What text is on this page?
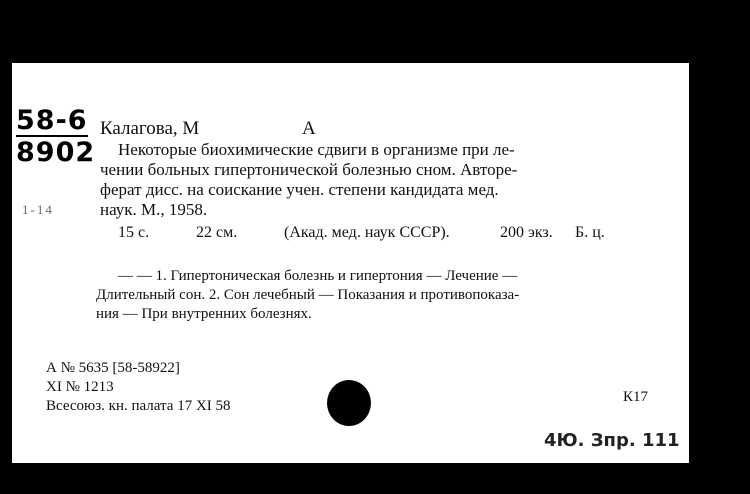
58-6
8902
1-14
Калагова, М	А
Некоторые биохимические сдвиги в организме при ле-
чении больных гипертонической болезнью сном. Авторе-
ферат дисс. на соискание учен. степени кандидата мед.
наук. М., 1958.
15 с.	22 см.	(Акад. мед. наук СССР).	200 экз. Б. ц.
— — 1. Гипертоническая болезнь и гипертония — Лечение —
Длительный сон. 2. Сон лечебный — Показания и противопоказа-
ния — При внутренних болезнях.
А № 5635 [58-58922]
XI № 1213
Всесоюз. кн. палата 17 XI 58
К17
4Ю. Зпр. 111
